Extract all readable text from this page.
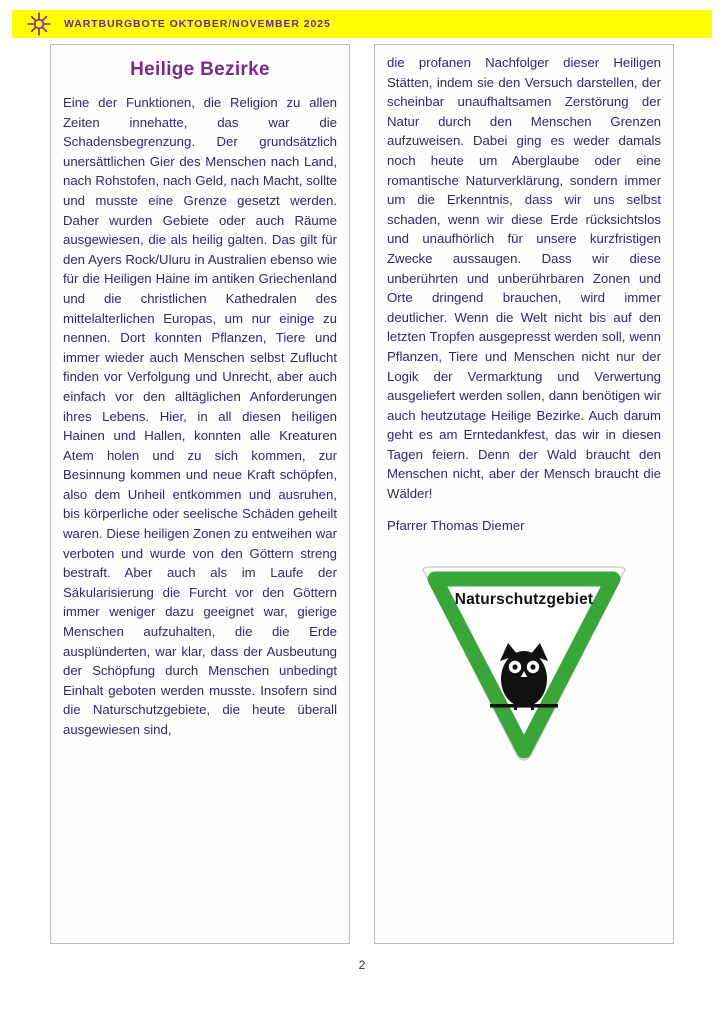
WARTBURGBOTE OKTOBER/NOVEMBER 2025
Heilige Bezirke

Eine der Funktionen, die Religion zu allen Zeiten innehatte, das war die Schadensbegrenzung. Der grundsätzlich unersättlichen Gier des Menschen nach Land, nach Rohstofen, nach Geld, nach Macht, sollte und musste eine Grenze gesetzt werden. Daher wurden Gebiete oder auch Räume ausgewiesen, die als heilig galten. Das gilt für den Ayers Rock/Uluru in Australien ebenso wie für die Heiligen Haine im antiken Griechenland und die christlichen Kathedralen des mittelalterlichen Europas, um nur einige zu nennen. Dort konnten Pflanzen, Tiere und immer wieder auch Menschen selbst Zuflucht finden vor Verfolgung und Unrecht, aber auch einfach vor den alltäglichen Anforderungen ihres Lebens. Hier, in all diesen heiligen Hainen und Hallen, konnten alle Kreaturen Atem holen und zu sich kommen, zur Besinnung kommen und neue Kraft schöpfen, also dem Unheil entkommen und ausruhen, bis körperliche oder seelische Schäden geheilt waren. Diese heiligen Zonen zu entweihen war verboten und wurde von den Göttern streng bestraft. Aber auch als im Laufe der Säkularisierung die Furcht vor den Göttern immer weniger dazu geeignet war, gierige Menschen aufzuhalten, die die Erde ausplünderten, war klar, dass der Ausbeutung der Schöpfung durch Menschen unbedingt Einhalt geboten werden musste. Insofern sind die Naturschutzgebiete, die heute überall ausgewiesen sind,

die profanen Nachfolger dieser Heiligen Stätten, indem sie den Versuch darstellen, der scheinbar unaufhaltsamen Zerstörung der Natur durch den Menschen Grenzen aufzuweisen. Dabei ging es weder damals noch heute um Aberglaube oder eine romantische Naturverklärung, sondern immer um die Erkenntnis, dass wir uns selbst schaden, wenn wir diese Erde rücksichtslos und unaufhörlich für unsere kurzfristigen Zwecke aussaugen. Dass wir diese unberührten und unberührbaren Zonen und Orte dringend brauchen, wird immer deutlicher. Wenn die Welt nicht bis auf den letzten Tropfen ausgepresst werden soll, wenn Pflanzen, Tiere und Menschen nicht nur der Logik der Vermarktung und Verwertung ausgeliefert werden sollen, dann benötigen wir auch heutzutage Heilige Bezirke. Auch darum geht es am Erntedankfest, das wir in diesen Tagen feiern. Denn der Wald braucht den Menschen nicht, aber der Mensch braucht die Wälder!

Pfarrer Thomas Diemer
Naturschutzgebiet
2
